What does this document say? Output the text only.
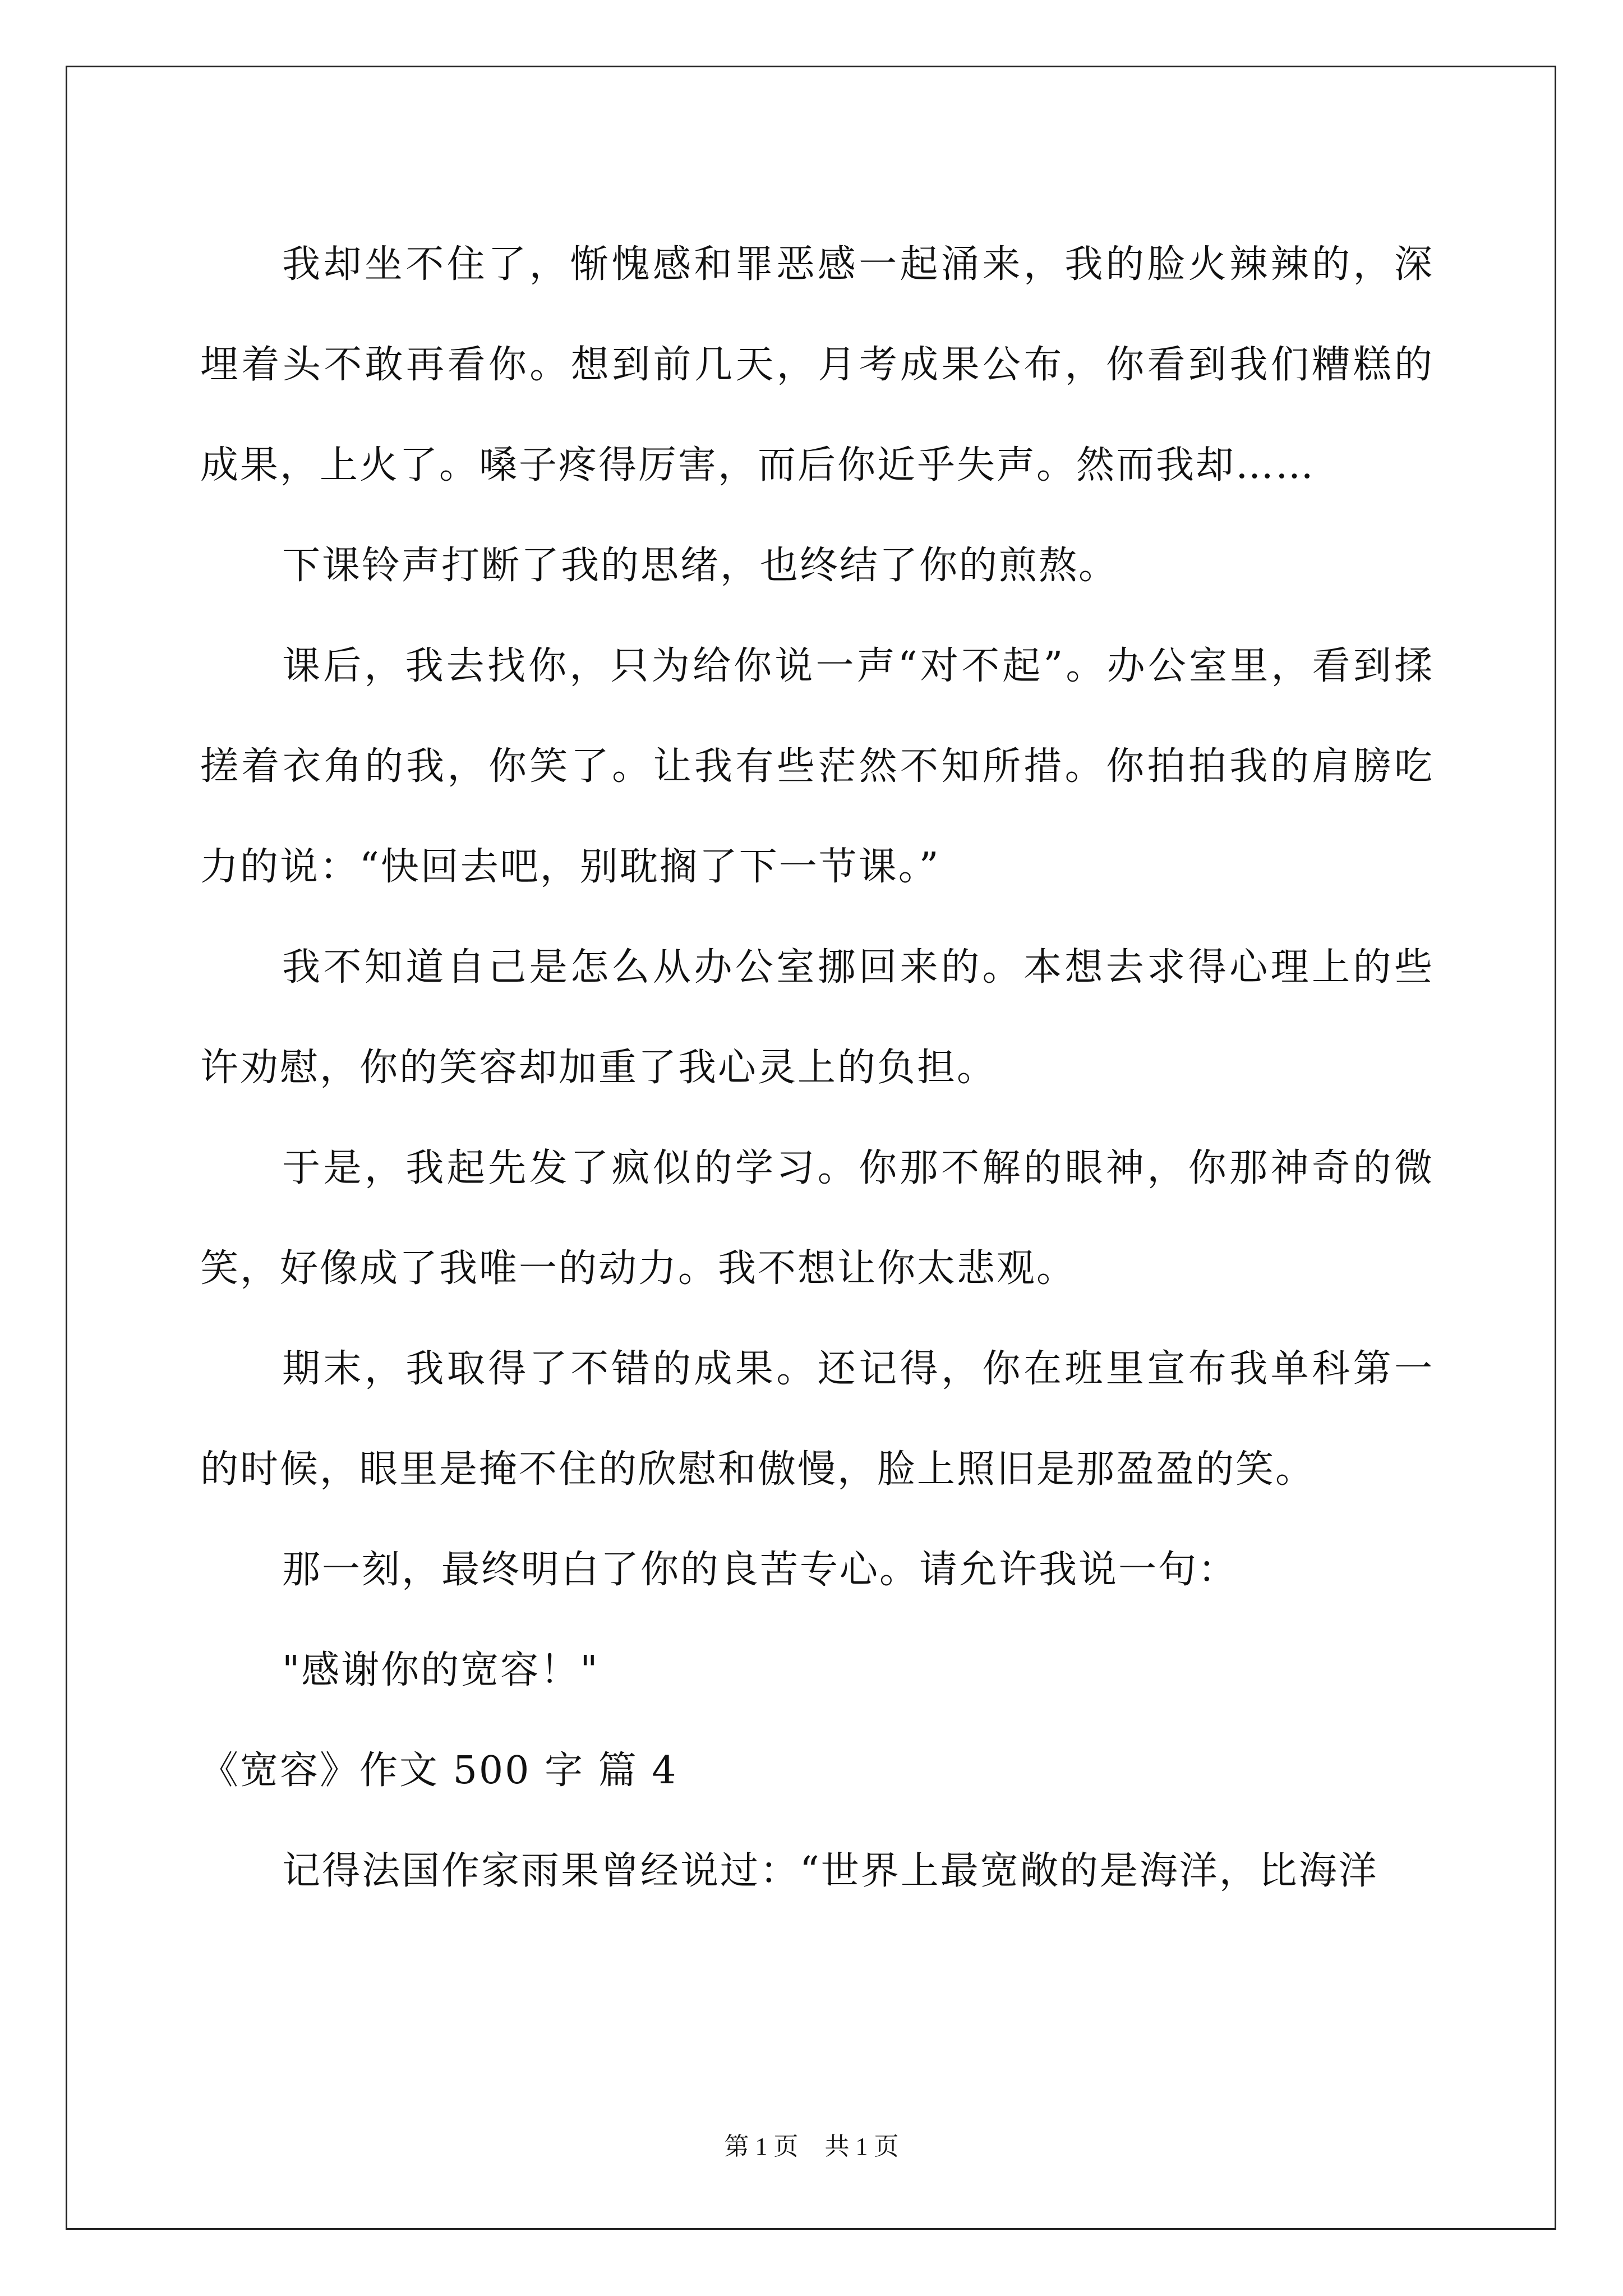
我却坐不住了，惭愧感和罪恶感一起涌来，我的脸火辣辣的，深埋着头不敢再看你。想到前几天，月考成果公布，你看到我们糟糕的成果，上火了。嗓子疼得厉害，而后你近乎失声。然而我却……

下课铃声打断了我的思绪，也终结了你的煎熬。

课后，我去找你，只为给你说一声“对不起”。办公室里，看到揉搓着衣角的我，你笑了。让我有些茫然不知所措。你拍拍我的肩膀吃力的说：“快回去吧，别耽搁了下一节课。”

我不知道自己是怎么从办公室挪回来的。本想去求得心理上的些许劝慰，你的笑容却加重了我心灵上的负担。

于是，我起先发了疯似的学习。你那不解的眼神，你那神奇的微笑，好像成了我唯一的动力。我不想让你太悲观。

期末，我取得了不错的成果。还记得，你在班里宣布我单科第一的时候，眼里是掩不住的欣慰和傲慢，脸上照旧是那盈盈的笑。

那一刻，最终明白了你的良苦专心。请允许我说一句：

"感谢你的宽容！"

《宽容》作文 500 字 篇 4

记得法国作家雨果曾经说过：“世界上最宽敞的是海洋，比海洋

第 1 页 共 1 页
